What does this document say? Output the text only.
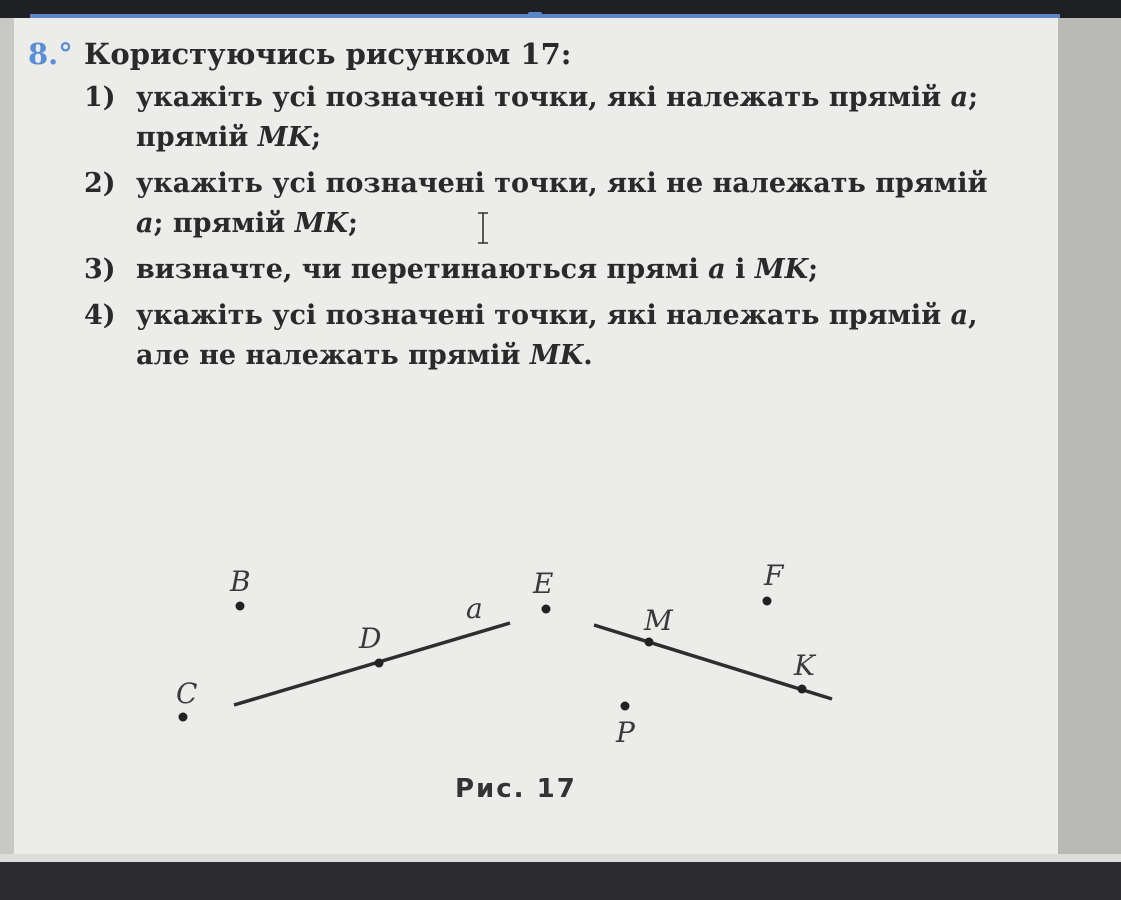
8.° Користуючись рисунком 17:
1) укажіть усі позначені точки, які належать прямій a; прямій MK;
2) укажіть усі позначені точки, які не належать прямій a; прямій MK;
3) визначте, чи перетинаються прямі a і MK;
4) укажіть усі позначені точки, які належать прямій a, але не належать прямій MK.
B
C
D
E	F
M
K
P
a
Рис. 17
